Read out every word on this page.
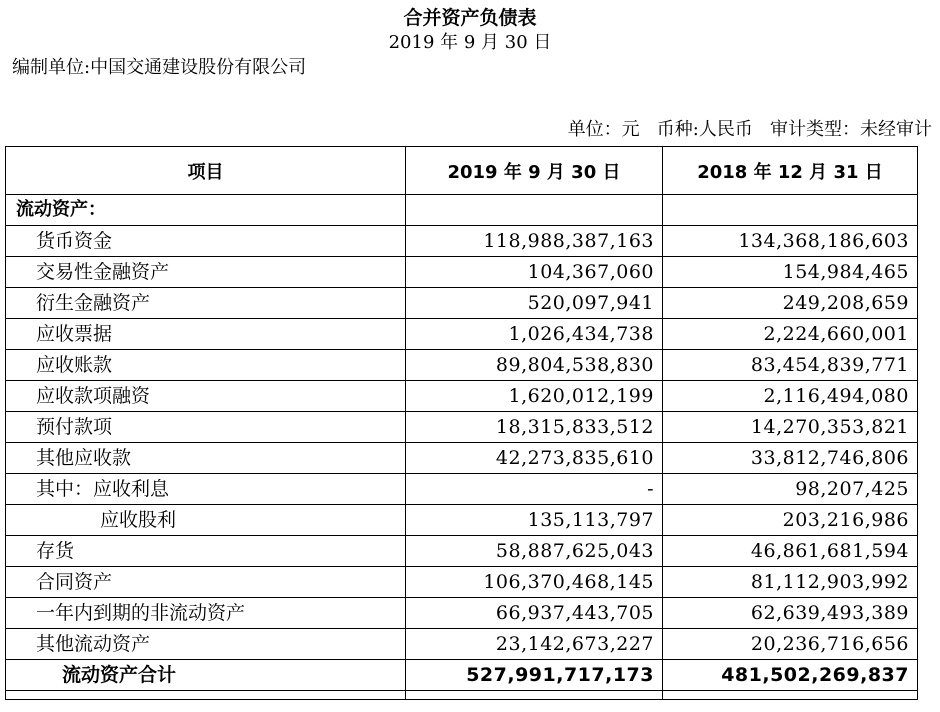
合并资产负债表
2019 年 9 月 30 日
编制单位:中国交通建设股份有限公司
单位：元   币种:人民币   审计类型：未经审计
项目	2019 年 9 月 30 日	2018 年 12 月 31 日
流动资产：		
货币资金	118,988,387,163	134,368,186,603
交易性金融资产	104,367,060	154,984,465
衍生金融资产	520,097,941	249,208,659
应收票据	1,026,434,738	2,224,660,001
应收账款	89,804,538,830	83,454,839,771
应收款项融资	1,620,012,199	2,116,494,080
预付款项	18,315,833,512	14,270,353,821
其他应收款	42,273,835,610	33,812,746,806
其中：应收利息	-	98,207,425
应收股利	135,113,797	203,216,986
存货	58,887,625,043	46,861,681,594
合同资产	106,370,468,145	81,112,903,992
一年内到期的非流动资产	66,937,443,705	62,639,493,389
其他流动资产	23,142,673,227	20,236,716,656
流动资产合计	527,991,717,173	481,502,269,837
